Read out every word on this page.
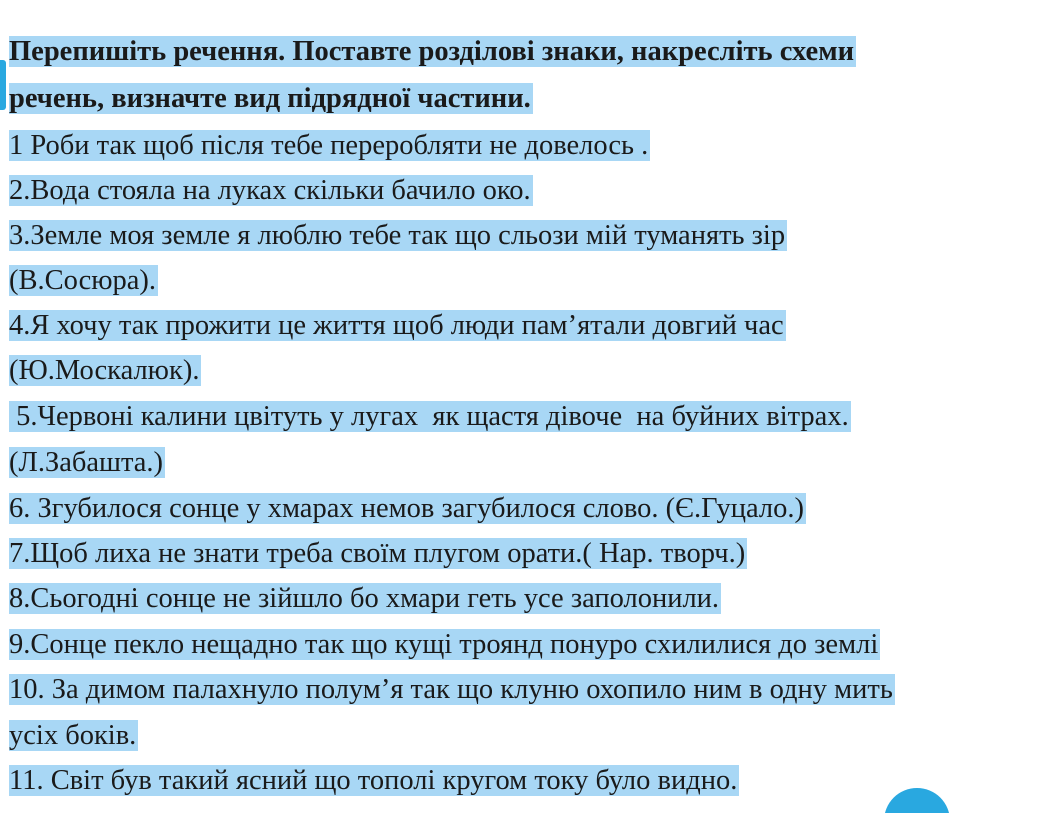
Перепишіть речення. Поставте розділові знаки, накресліть схеми
речень, визначте вид підрядної частини.
1 Роби так щоб після тебе переробляти не довелось .
2.Вода стояла на луках скільки бачило око.
3.Земле моя земле я люблю тебе так що сльози мій туманять зір
(В.Сосюра).
4.Я хочу так прожити це життя щоб люди пам’ятали довгий час
(Ю.Москалюк).
5.Червоні калини цвітуть у лугах  як щастя дівоче  на буйних вітрах.
(Л.Забашта.)
6. Згубилося сонце у хмарах немов загубилося слово. (Є.Гуцало.)
7.Щоб лиха не знати треба своїм плугом орати.( Нар. творч.)
8.Сьогодні сонце не зійшло бо хмари геть усе заполонили.
9.Сонце пекло нещадно так що кущі троянд понуро схилилися до землі
10. За димом палахнуло полум’я так що клуню охопило ним в одну мить
усіх боків.
11. Світ був такий ясний що тополі кругом току було видно.
